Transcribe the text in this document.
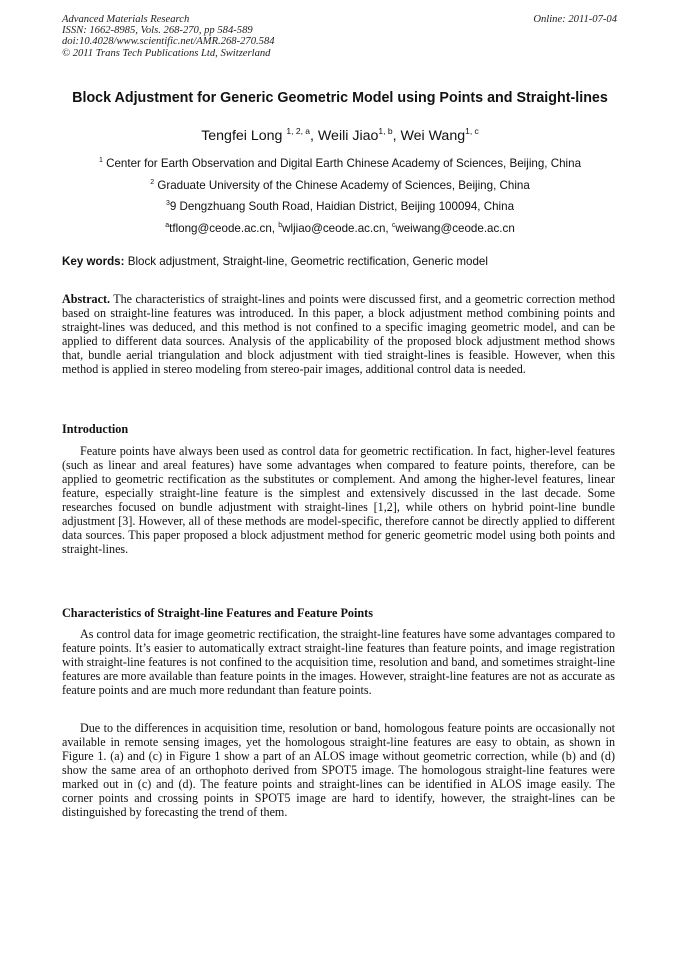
Advanced Materials Research
ISSN: 1662-8985, Vols. 268-270, pp 584-589
doi:10.4028/www.scientific.net/AMR.268-270.584
© 2011 Trans Tech Publications Ltd, Switzerland
Online: 2011-07-04
Block Adjustment for Generic Geometric Model using Points and Straight-lines
Tengfei Long $^{1, 2, a}$, Weili Jiao$^{1, b}$, Wei Wang$^{1, c}$
$^1$ Center for Earth Observation and Digital Earth Chinese Academy of Sciences, Beijing, China
$^2$ Graduate University of the Chinese Academy of Sciences, Beijing, China
$^3$9 Dengzhuang South Road, Haidian District, Beijing 100094, China
$^a$tflong@ceode.ac.cn, $^b$wljiao@ceode.ac.cn, $^c$weiwang@ceode.ac.cn
Key words: Block adjustment, Straight-line, Geometric rectification, Generic model
Abstract. The characteristics of straight-lines and points were discussed first, and a geometric correction method based on straight-line features was introduced. In this paper, a block adjustment method combining points and straight-lines was deduced, and this method is not confined to a specific imaging geometric model, and can be applied to different data sources. Analysis of the applicability of the proposed block adjustment method shows that, bundle aerial triangulation and block adjustment with tied straight-lines is feasible. However, when this method is applied in stereo modeling from stereo-pair images, additional control data is needed.
Introduction
Feature points have always been used as control data for geometric rectification. In fact, higher-level features (such as linear and areal features) have some advantages when compared to feature points, therefore, can be applied to geometric rectification as the substitutes or complement. And among the higher-level features, linear feature, especially straight-line feature is the simplest and extensively discussed in the last decade. Some researches focused on bundle adjustment with straight-lines [1,2], while others on hybrid point-line bundle adjustment [3]. However, all of these methods are model-specific, therefore cannot be directly applied to different data sources. This paper proposed a block adjustment method for generic geometric model using both points and straight-lines.
Characteristics of Straight-line Features and Feature Points
As control data for image geometric rectification, the straight-line features have some advantages compared to feature points. It’s easier to automatically extract straight-line features than feature points, and image registration with straight-line features is not confined to the acquisition time, resolution and band, and sometimes straight-line features are more available than feature points in the images. However, straight-line features are not as accurate as feature points and are much more redundant than feature points.
Due to the differences in acquisition time, resolution or band, homologous feature points are occasionally not available in remote sensing images, yet the homologous straight-line features are easy to obtain, as shown in Figure 1. (a) and (c) in Figure 1 show a part of an ALOS image without geometric correction, while (b) and (d) show the same area of an orthophoto derived from SPOT5 image. The homologous straight-line features were marked out in (c) and (d). The feature points and straight-lines can be identified in ALOS image easily. The corner points and crossing points in SPOT5 image are hard to identify, however, the straight-lines can be distinguished by forecasting the trend of them.
